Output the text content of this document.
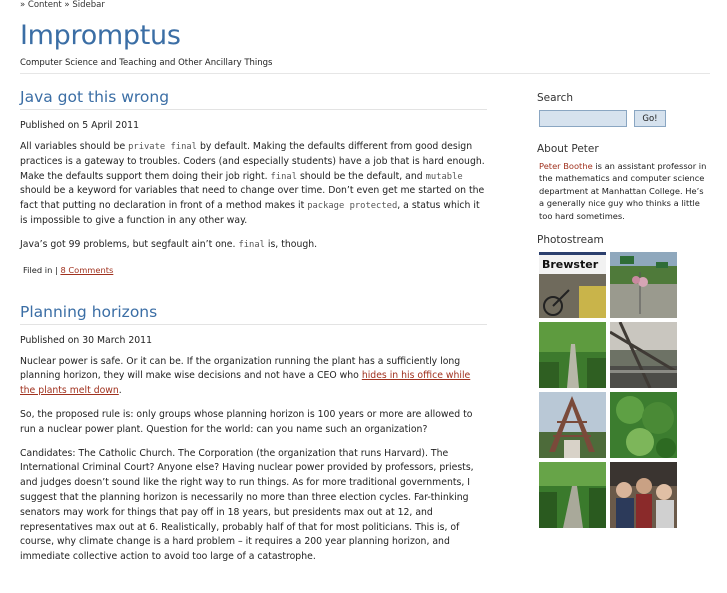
» Content » Sidebar
Impromptus
Computer Science and Teaching and Other Ancillary Things
Java got this wrong
Published on 5 April 2011

All variables should be private final by default. Making the defaults different from good design practices is a gateway to troubles. Coders (and especially students) have a job that is hard enough. Make the defaults support them doing their job right. final should be the default, and mutable should be a keyword for variables that need to change over time. Don’t even get me started on the fact that putting no declaration in front of a method makes it package protected, a status which it is impossible to give a function in any other way.

Java’s got 99 problems, but segfault ain’t one. final is, though.

Filed in | 8 Comments
Planning horizons
Published on 30 March 2011

Nuclear power is safe. Or it can be. If the organization running the plant has a sufficiently long planning horizon, they will make wise decisions and not have a CEO who hides in his office while the plants melt down.

So, the proposed rule is: only groups whose planning horizon is 100 years or more are allowed to run a nuclear power plant. Question for the world: can you name such an organization?

Candidates: The Catholic Church. The Corporation (the organization that runs Harvard). The International Criminal Court? Anyone else? Having nuclear power provided by professors, priests, and judges doesn’t sound like the right way to run things. As for more traditional governments, I suggest that the planning horizon is necessarily no more than three election cycles. Far-thinking senators may work for things that pay off in 18 years, but presidents max out at 12, and representatives max out at 6. Realistically, probably half of that for most politicians. This is, of course, why climate change is a hard problem – it requires a 200 year planning horizon, and immediate collective action to avoid too large of a catastrophe.

Search
Go!
About Peter
Peter Boothe is an assistant professor in the mathematics and computer science department at Manhattan College. He’s a generally nice guy who thinks a little too hard sometimes.
Photostream
Brewster
